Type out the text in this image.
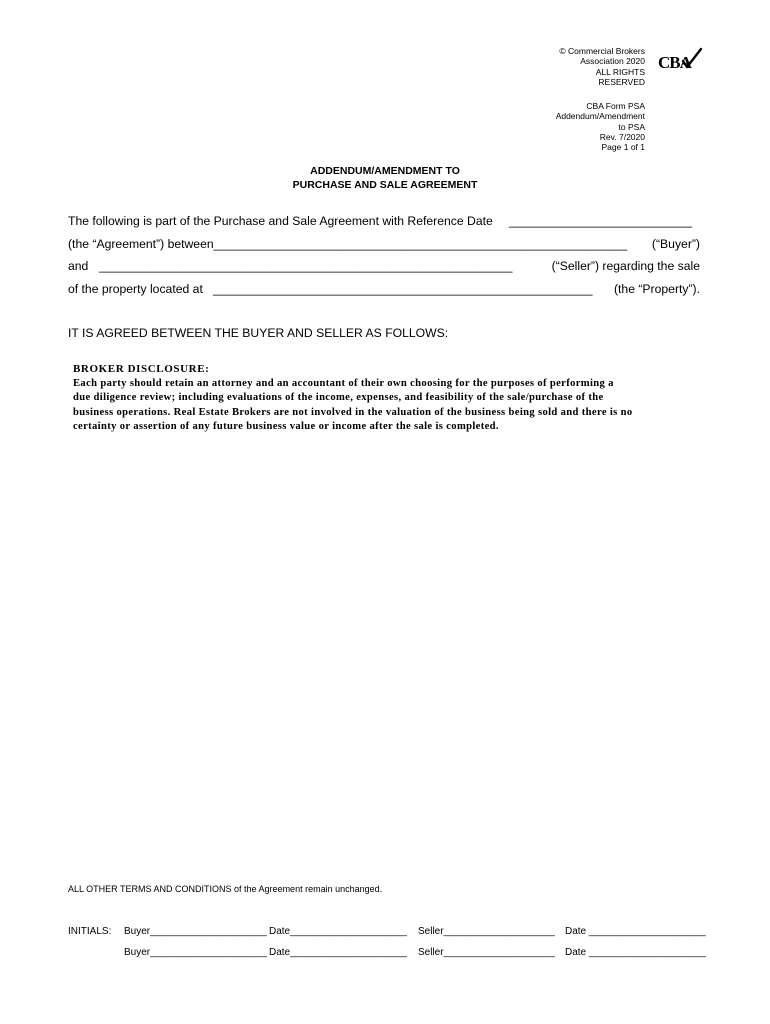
© Commercial Brokers
Association 2020
ALL RIGHTS
RESERVED
CBA Form PSA
Addendum/Amendment
to PSA
Rev. 7/2020
Page 1 of 1
CBA
ADDENDUM/AMENDMENT TO
PURCHASE AND SALE AGREEMENT
The following is part of the Purchase and Sale Agreement with Reference Date ___________________________
(the “Agreement”) between_____________________________________________________________ (“Buyer”)
and _____________________________________________________________	(“Seller”) regarding the sale
of the property located at ________________________________________________________ (the “Property”).
IT IS AGREED BETWEEN THE BUYER AND SELLER AS FOLLOWS:
BROKER DISCLOSURE:
Each party should retain an attorney and an accountant of their own choosing for the purposes of performing a
due diligence review; including evaluations of the income, expenses, and feasibility of the sale/purchase of the
business operations. Real Estate Brokers are not involved in the valuation of the business being sold and there is no
certainty or assertion of any future business value or income after the sale is completed.
ALL OTHER TERMS AND CONDITIONS of the Agreement remain unchanged.
INITIALS: Buyer_____________________ Date_____________________ Seller____________________ Date _____________________
Buyer_____________________ Date_____________________ Seller____________________ Date _____________________
